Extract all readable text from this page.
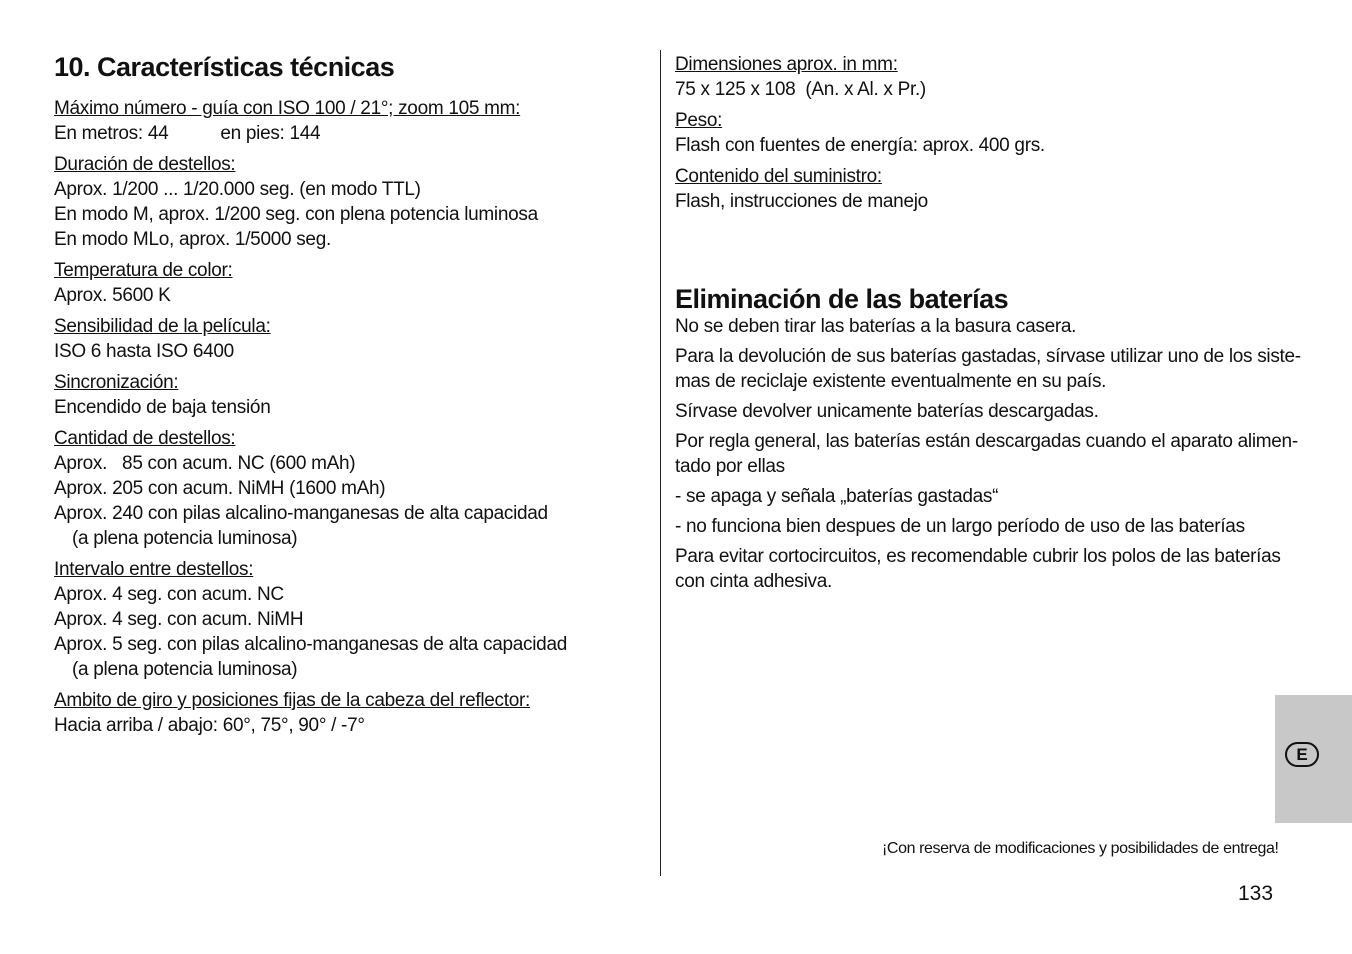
10. Características técnicas
Máximo número - guía con ISO 100 / 21°; zoom 105 mm:
En metros: 44	en pies: 144
Duración de destellos:
Aprox. 1/200 ... 1/20.000 seg. (en modo TTL)
En modo M, aprox. 1/200 seg. con plena potencia luminosa
En modo MLo, aprox. 1/5000 seg.
Temperatura de color:
Aprox. 5600 K
Sensibilidad de la película:
ISO 6 hasta ISO 6400
Sincronización:
Encendido de baja tensión
Cantidad de destellos:
Aprox.   85 con acum. NC (600 mAh)
Aprox. 205 con acum. NiMH (1600 mAh)
Aprox. 240 con pilas alcalino-manganesas de alta capacidad
(a plena potencia luminosa)
Intervalo entre destellos:
Aprox. 4 seg. con acum. NC
Aprox. 4 seg. con acum. NiMH
Aprox. 5 seg. con pilas alcalino-manganesas de alta capacidad
(a plena potencia luminosa)
Ambito de giro y posiciones fijas de la cabeza del reflector:
Hacia arriba / abajo: 60°, 75°, 90° / -7°
Dimensiones aprox. in mm:
75 x 125 x 108  (An. x Al. x Pr.)
Peso:
Flash con fuentes de energía: aprox. 400 grs.
Contenido del suministro:
Flash, instrucciones de manejo
Eliminación de las baterías
No se deben tirar las baterías a la basura casera.
Para la devolución de sus baterías gastadas, sírvase utilizar uno de los siste-
mas de reciclaje existente eventualmente en su país.
Sírvase devolver unicamente baterías descargadas.
Por regla general, las baterías están descargadas cuando el aparato alimen-
tado por ellas
- se apaga y señala „baterías gastadas“
- no funciona bien despues de un largo período de uso de las baterías
Para evitar cortocircuitos, es recomendable cubrir los polos de las baterías
con cinta adhesiva.
E
¡Con reserva de modificaciones y posibilidades de entrega!
133
